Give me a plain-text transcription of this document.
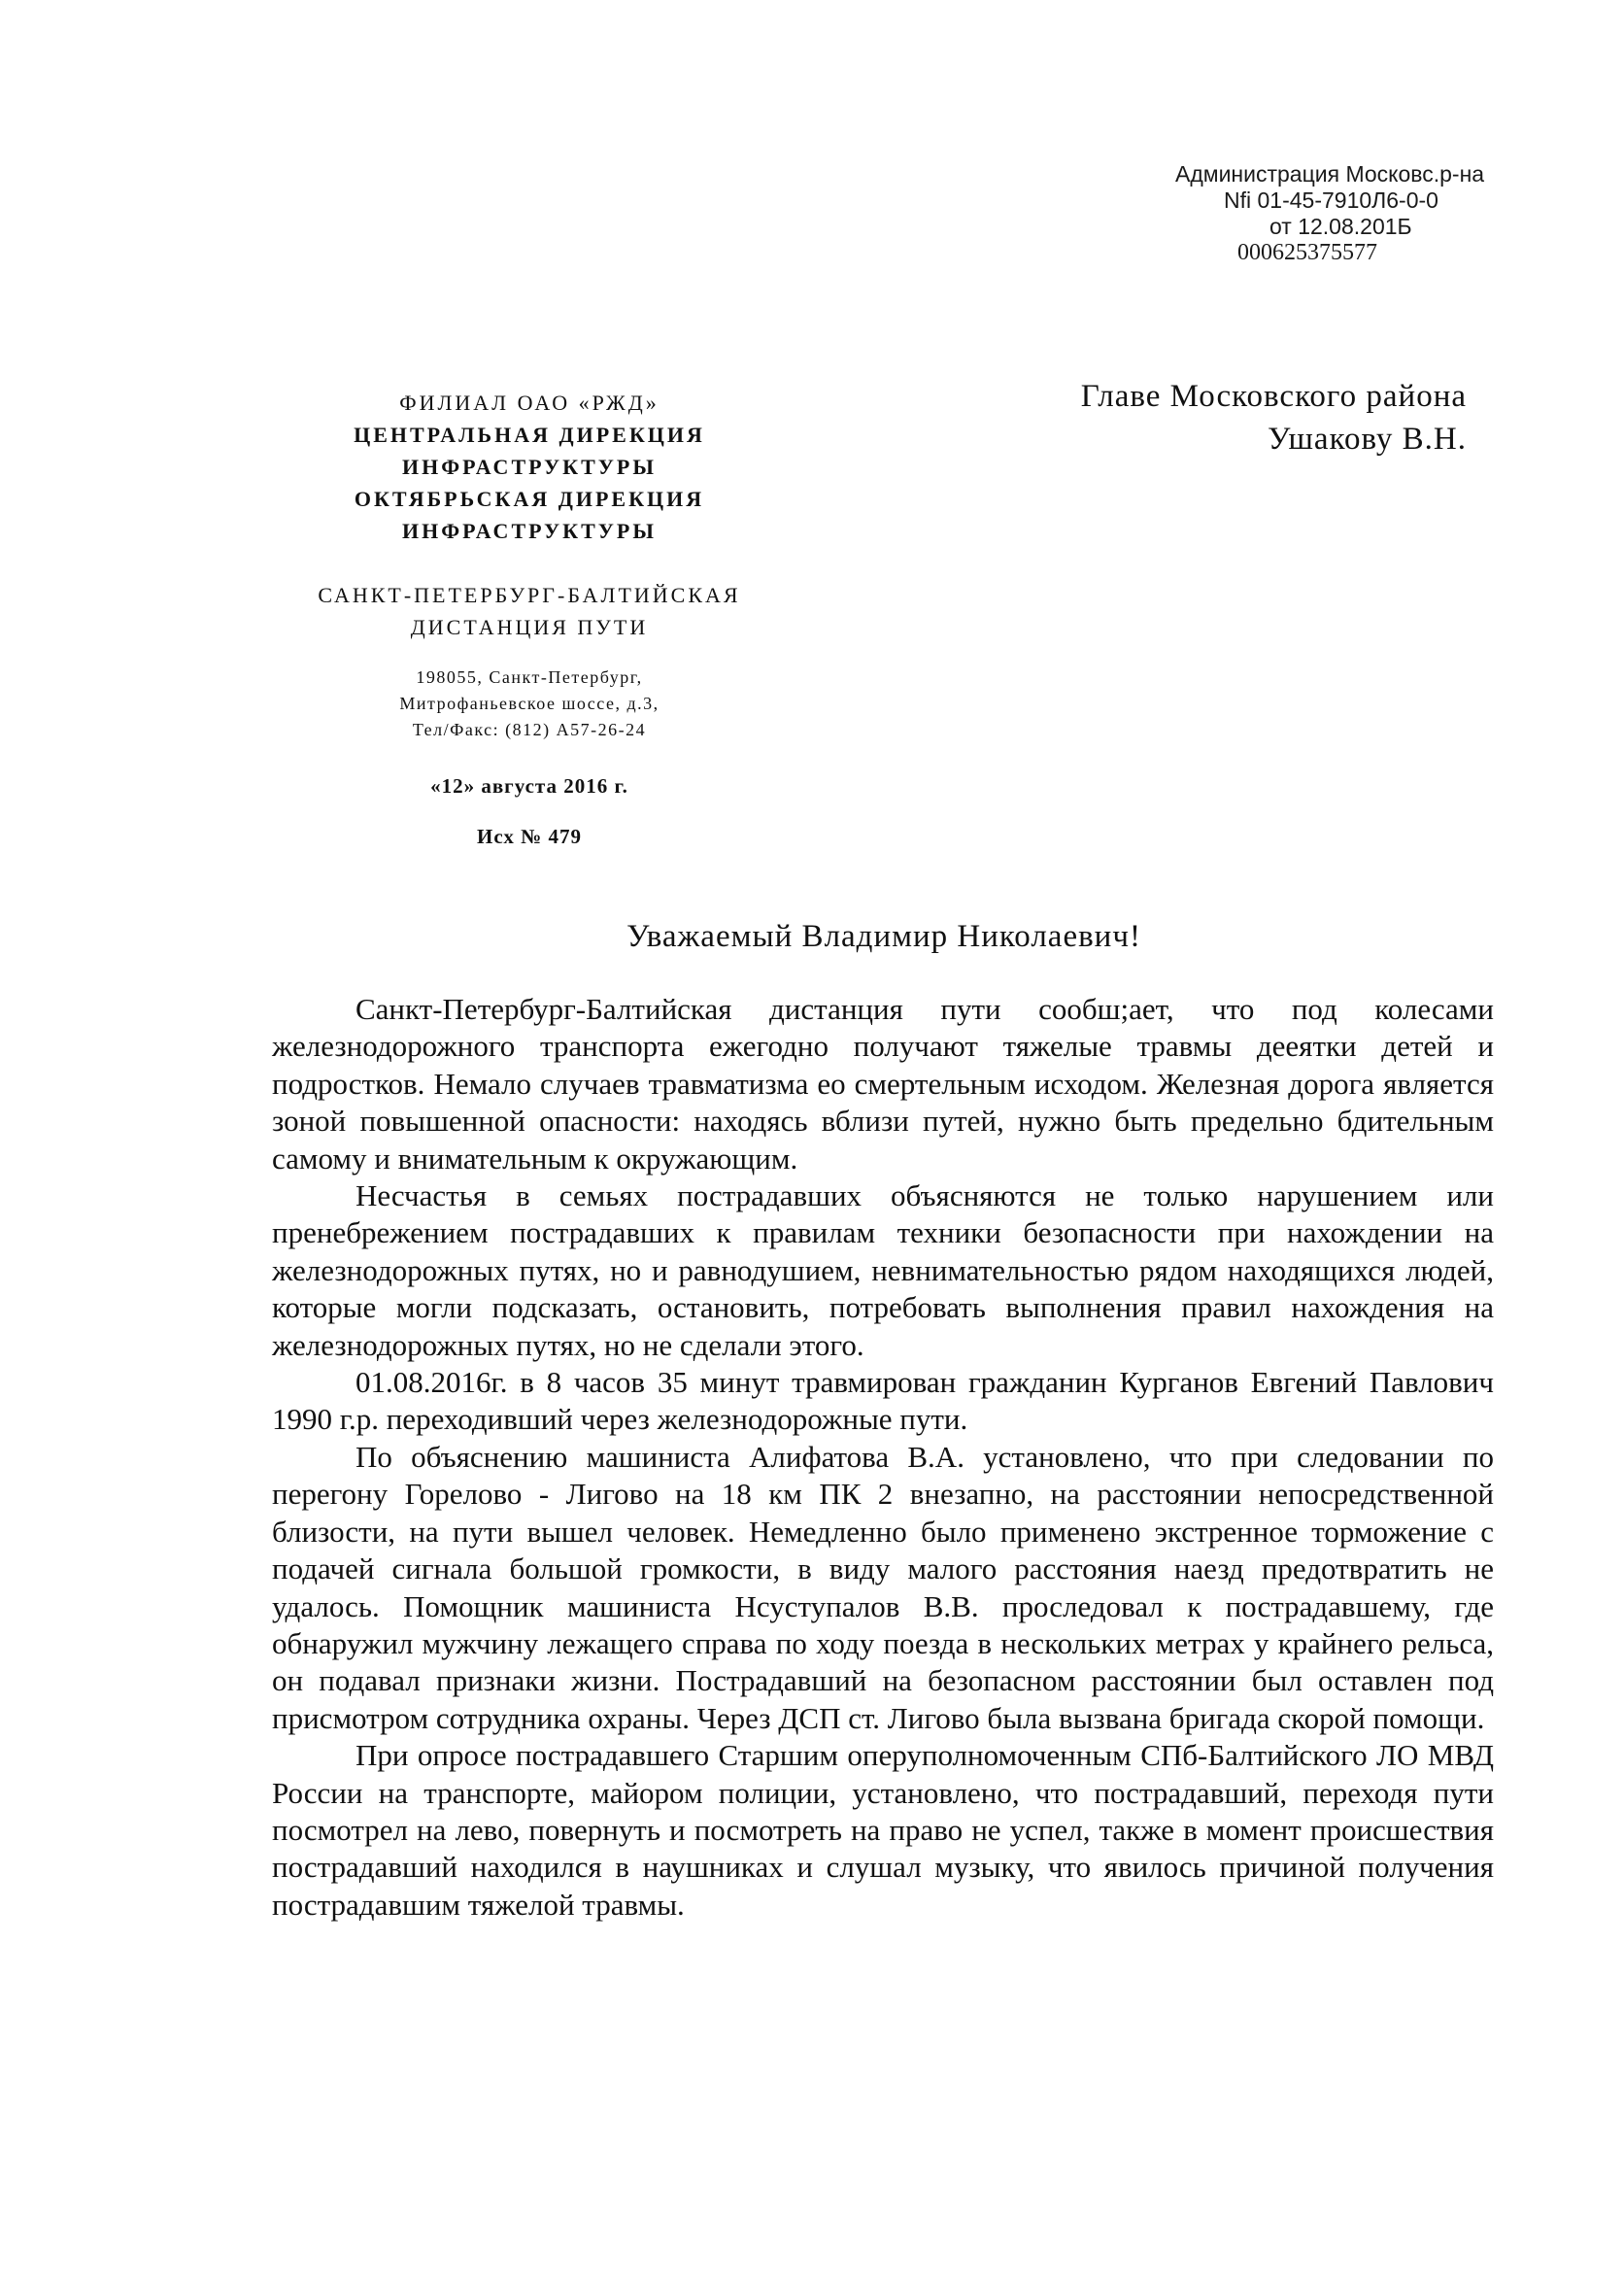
Администрация Московс.р-на
Nfi 01-45-7910Л6-0-0
от 12.08.201Б
000625375577
ФИЛИАЛ ОАО «РЖД»
ЦЕНТРАЛЬНАЯ ДИРЕКЦИЯ
ИНФРАСТРУКТУРЫ
ОКТЯБРЬСКАЯ ДИРЕКЦИЯ
ИНФРАСТРУКТУРЫ
САНКТ-ПЕТЕРБУРГ-БАЛТИЙСКАЯ
ДИСТАНЦИЯ ПУТИ
198055, Санкт-Петербург,
Митрофаньевское шоссе, д.3,
Тел/Факс: (812) А57-26-24
«12» августа 2016 г.
Исх № 479
Главе Московского района
Ушакову В.Н.
Уважаемый Владимир Николаевич!

Санкт-Петербург-Балтийская дистанция пути сообш;ает, что под колесами железнодорожного транспорта ежегодно получают тяжелые травмы дееятки детей и подростков. Немало случаев травматизма ео смертельным исходом. Железная дорога является зоной повышенной опасности: находясь вблизи путей, нужно быть предельно бдительным самому и внимательным к окружающим.

Несчастья в семьях пострадавших объясняются не только нарушением или пренебрежением пострадавших к правилам техники безопасности при нахождении на железнодорожных путях, но и равнодушием, невнимательностью рядом находящихся людей, которые могли подсказать, остановить, потребовать выполнения правил нахождения на железнодорожных путях, но не сделали этого.

01.08.2016г. в 8 часов 35 минут травмирован гражданин Курганов Евгений Павлович 1990 г.р. переходивший через железнодорожные пути.

По объяснению машиниста Алифатова В.А. установлено, что при следовании по перегону Горелово - Лигово на 18 км ПК 2 внезапно, на расстоянии непосредственной близости, на пути вышел человек. Немедленно было применено экстренное торможение с подачей сигнала большой громкости, в виду малого расстояния наезд предотвратить не удалось. Помощник машиниста Нсуступалов В.В. проследовал к пострадавшему, где обнаружил мужчину лежащего справа по ходу поезда в нескольких метрах у крайнего рельса, он подавал признаки жизни. Пострадавший на безопасном расстоянии был оставлен под присмотром сотрудника охраны. Через ДСП ст. Лигово была вызвана бригада скорой помощи.

При опросе пострадавшего Старшим оперуполномоченным СПб-Балтийского ЛО МВД России на транспорте, майором полиции, установлено, что пострадавший, переходя пути посмотрел на лево, повернуть и посмотреть на право не успел, также в момент происшествия пострадавший находился в наушниках и слушал музыку, что явилось причиной получения пострадавшим тяжелой травмы.
